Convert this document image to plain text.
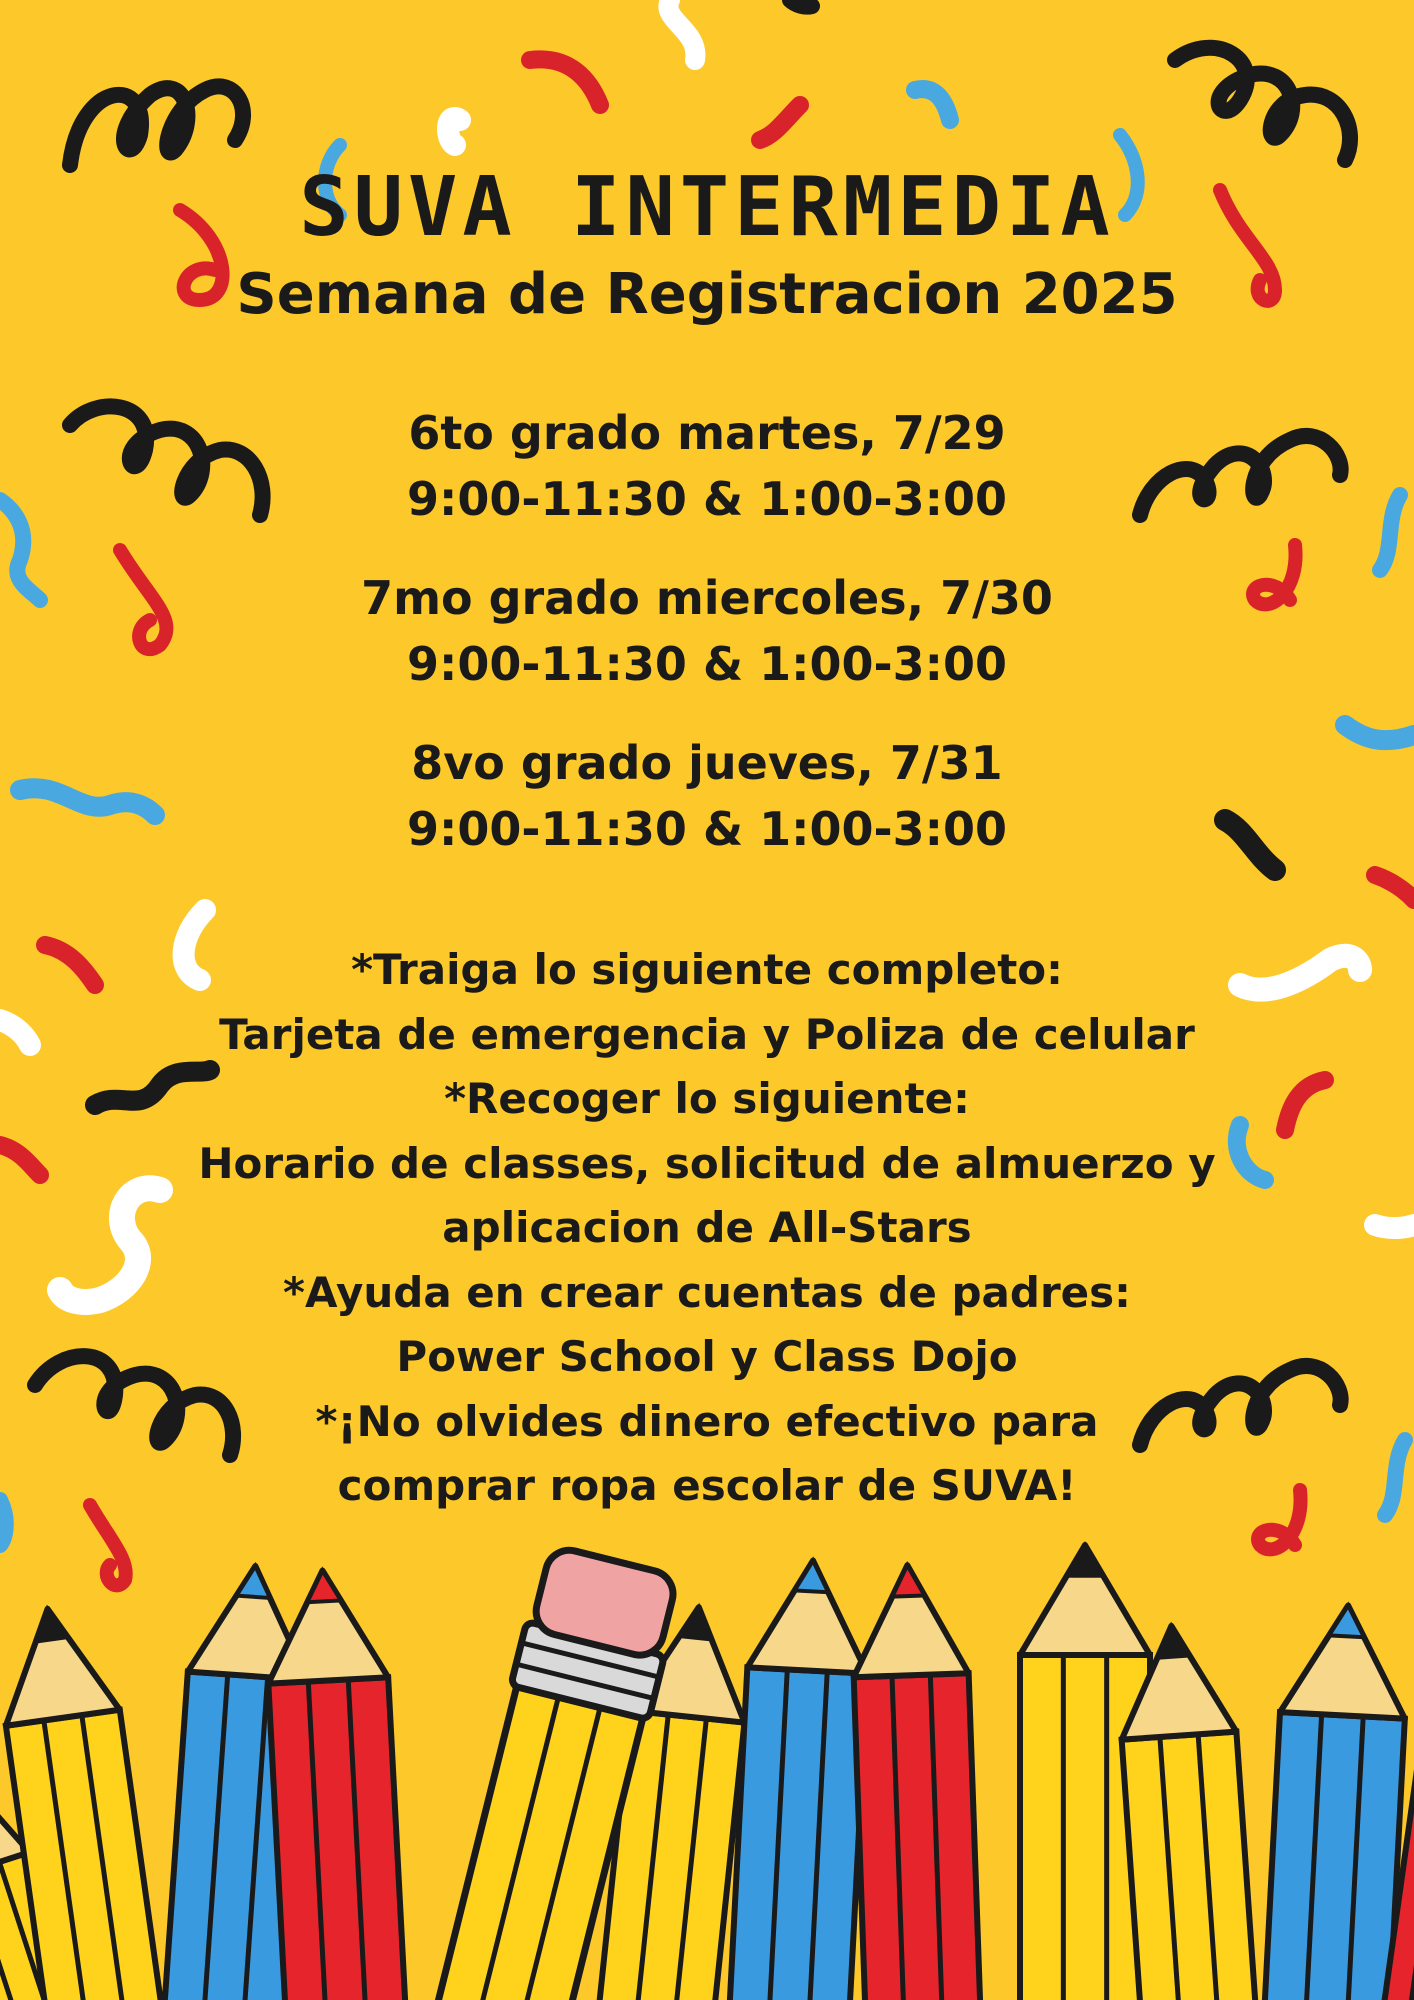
SUVA INTERMEDIA
Semana de Registracion 2025
6to grado martes, 7/29
9:00-11:30 & 1:00-3:00
7mo grado miercoles, 7/30
9:00-11:30 & 1:00-3:00
8vo grado jueves, 7/31
9:00-11:30 & 1:00-3:00
*Traiga lo siguiente completo:
Tarjeta de emergencia y Poliza de celular
*Recoger lo siguiente:
Horario de classes, solicitud de almuerzo y
aplicacion de All-Stars
*Ayuda en crear cuentas de padres:
Power School y Class Dojo
*¡No olvides dinero efectivo para
comprar ropa escolar de SUVA!
